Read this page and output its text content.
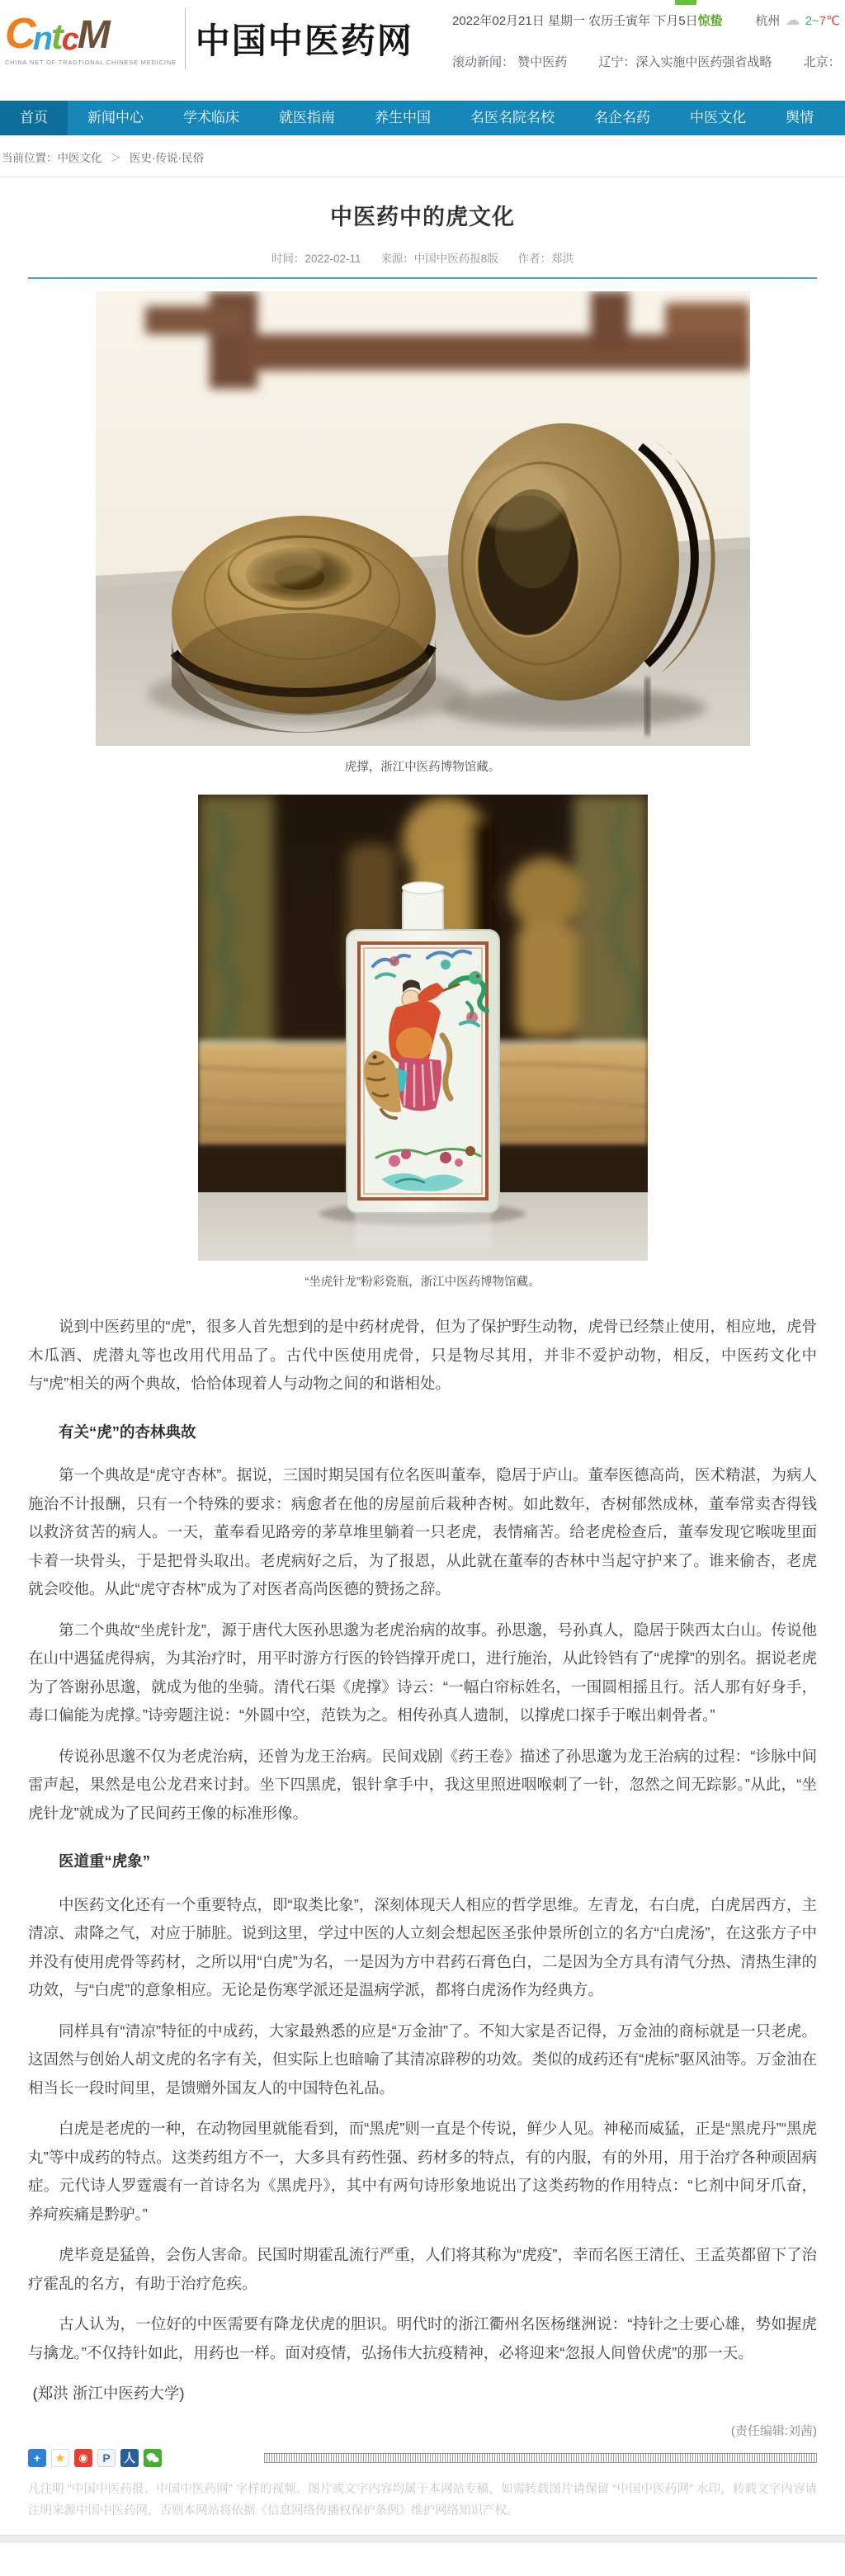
C
n
t
c
M
CHINA NET OF TRADTIONAL CHINESE MEDICINE
中国中医药网	2022年02月21日 星期一 农历壬寅年 下月5日惊蛰	杭州 ☁ 2~7℃
滚动新闻： 赞中医药	辽宁：深入实施中医药强省战略	北京：
首页	新闻中心	学术临床	就医指南	养生中国	名医名院名校	名企名药	中医文化	舆情
当前位置：中医文化 ＞ 医史·传说·民俗
中医药中的虎文化
时间：2022-02-11 来源：中国中医药报8版 作者：郑洪
虎撑，浙江中医药博物馆藏。
“坐虎针龙”粉彩瓷瓶，浙江中医药博物馆藏。

说到中医药里的“虎”，很多人首先想到的是中药材虎骨，但为了保护野生动物，虎骨已经禁止使用，相应地，虎骨木瓜酒、虎潜丸等也改用代用品了。古代中医使用虎骨，只是物尽其用，并非不爱护动物，相反，中医药文化中与“虎”相关的两个典故，恰恰体现着人与动物之间的和谐相处。

有关“虎”的杏林典故

第一个典故是“虎守杏林”。据说，三国时期吴国有位名医叫董奉，隐居于庐山。董奉医德高尚，医术精湛，为病人施治不计报酬，只有一个特殊的要求：病愈者在他的房屋前后栽种杏树。如此数年，杏树郁然成林，董奉常卖杏得钱以救济贫苦的病人。一天，董奉看见路旁的茅草堆里躺着一只老虎，表情痛苦。给老虎检查后，董奉发现它喉咙里面卡着一块骨头，于是把骨头取出。老虎病好之后，为了报恩，从此就在董奉的杏林中当起守护来了。谁来偷杏，老虎就会咬他。从此“虎守杏林”成为了对医者高尚医德的赞扬之辞。

第二个典故“坐虎针龙”，源于唐代大医孙思邈为老虎治病的故事。孙思邈，号孙真人，隐居于陕西太白山。传说他在山中遇猛虎得病，为其治疗时，用平时游方行医的铃铛撑开虎口，进行施治，从此铃铛有了“虎撑”的别名。据说老虎为了答谢孙思邈，就成为他的坐骑。清代石渠《虎撑》诗云：“一幅白帘标姓名，一围圆相摇且行。活人那有好身手，毒口偏能为虎撑。”诗旁题注说：“外圆中空，范铁为之。相传孙真人遗制，以撑虎口探手于喉出刺骨者。”

传说孙思邈不仅为老虎治病，还曾为龙王治病。民间戏剧《药王卷》描述了孙思邈为龙王治病的过程：“诊脉中间雷声起，果然是电公龙君来讨封。坐下四黑虎，银针拿手中，我这里照进咽喉刺了一针，忽然之间无踪影。”从此，“坐虎针龙”就成为了民间药王像的标准形像。

医道重“虎象”

中医药文化还有一个重要特点，即“取类比象”，深刻体现天人相应的哲学思维。左青龙，右白虎，白虎居西方，主清凉、肃降之气，对应于肺脏。说到这里，学过中医的人立刻会想起医圣张仲景所创立的名方“白虎汤”，在这张方子中并没有使用虎骨等药材，之所以用“白虎”为名，一是因为方中君药石膏色白，二是因为全方具有清气分热、清热生津的功效，与“白虎”的意象相应。无论是伤寒学派还是温病学派，都将白虎汤作为经典方。

同样具有“清凉”特征的中成药，大家最熟悉的应是“万金油”了。不知大家是否记得，万金油的商标就是一只老虎。这固然与创始人胡文虎的名字有关，但实际上也暗喻了其清凉辟秽的功效。类似的成药还有“虎标”驱风油等。万金油在相当长一段时间里，是馈赠外国友人的中国特色礼品。

白虎是老虎的一种，在动物园里就能看到，而“黑虎”则一直是个传说，鲜少人见。神秘而威猛，正是“黑虎丹”“黑虎丸”等中成药的特点。这类药组方不一，大多具有药性强、药材多的特点，有的内服，有的外用，用于治疗各种顽固病症。元代诗人罗霆震有一首诗名为《黑虎丹》，其中有两句诗形象地说出了这类药物的作用特点：“匕剂中间牙爪奋，养疴疾痛是黔驴。”

虎毕竟是猛兽，会伤人害命。民国时期霍乱流行严重，人们将其称为“虎疫”，幸而名医王清任、王孟英都留下了治疗霍乱的名方，有助于治疗危疾。

古人认为，一位好的中医需要有降龙伏虎的胆识。明代时的浙江衢州名医杨继洲说：“持针之士要心雄，势如握虎与擒龙。”不仅持针如此，用药也一样。面对疫情，弘扬伟大抗疫精神，必将迎来“忽报人间曾伏虎”的那一天。

(郑洪 浙江中医药大学)

(责任编辑:刘茜)
+	★	◉	P	人
凡注明 “中国中医药报、中国中医药网” 字样的视频、图片或文字内容均属于本网站专稿，如需转载图片请保留 “中国中医药网” 水印，转载文字内容请注明来源中国中医药网，否则本网站将依据《信息网络传播权保护条例》维护网络知识产权。
